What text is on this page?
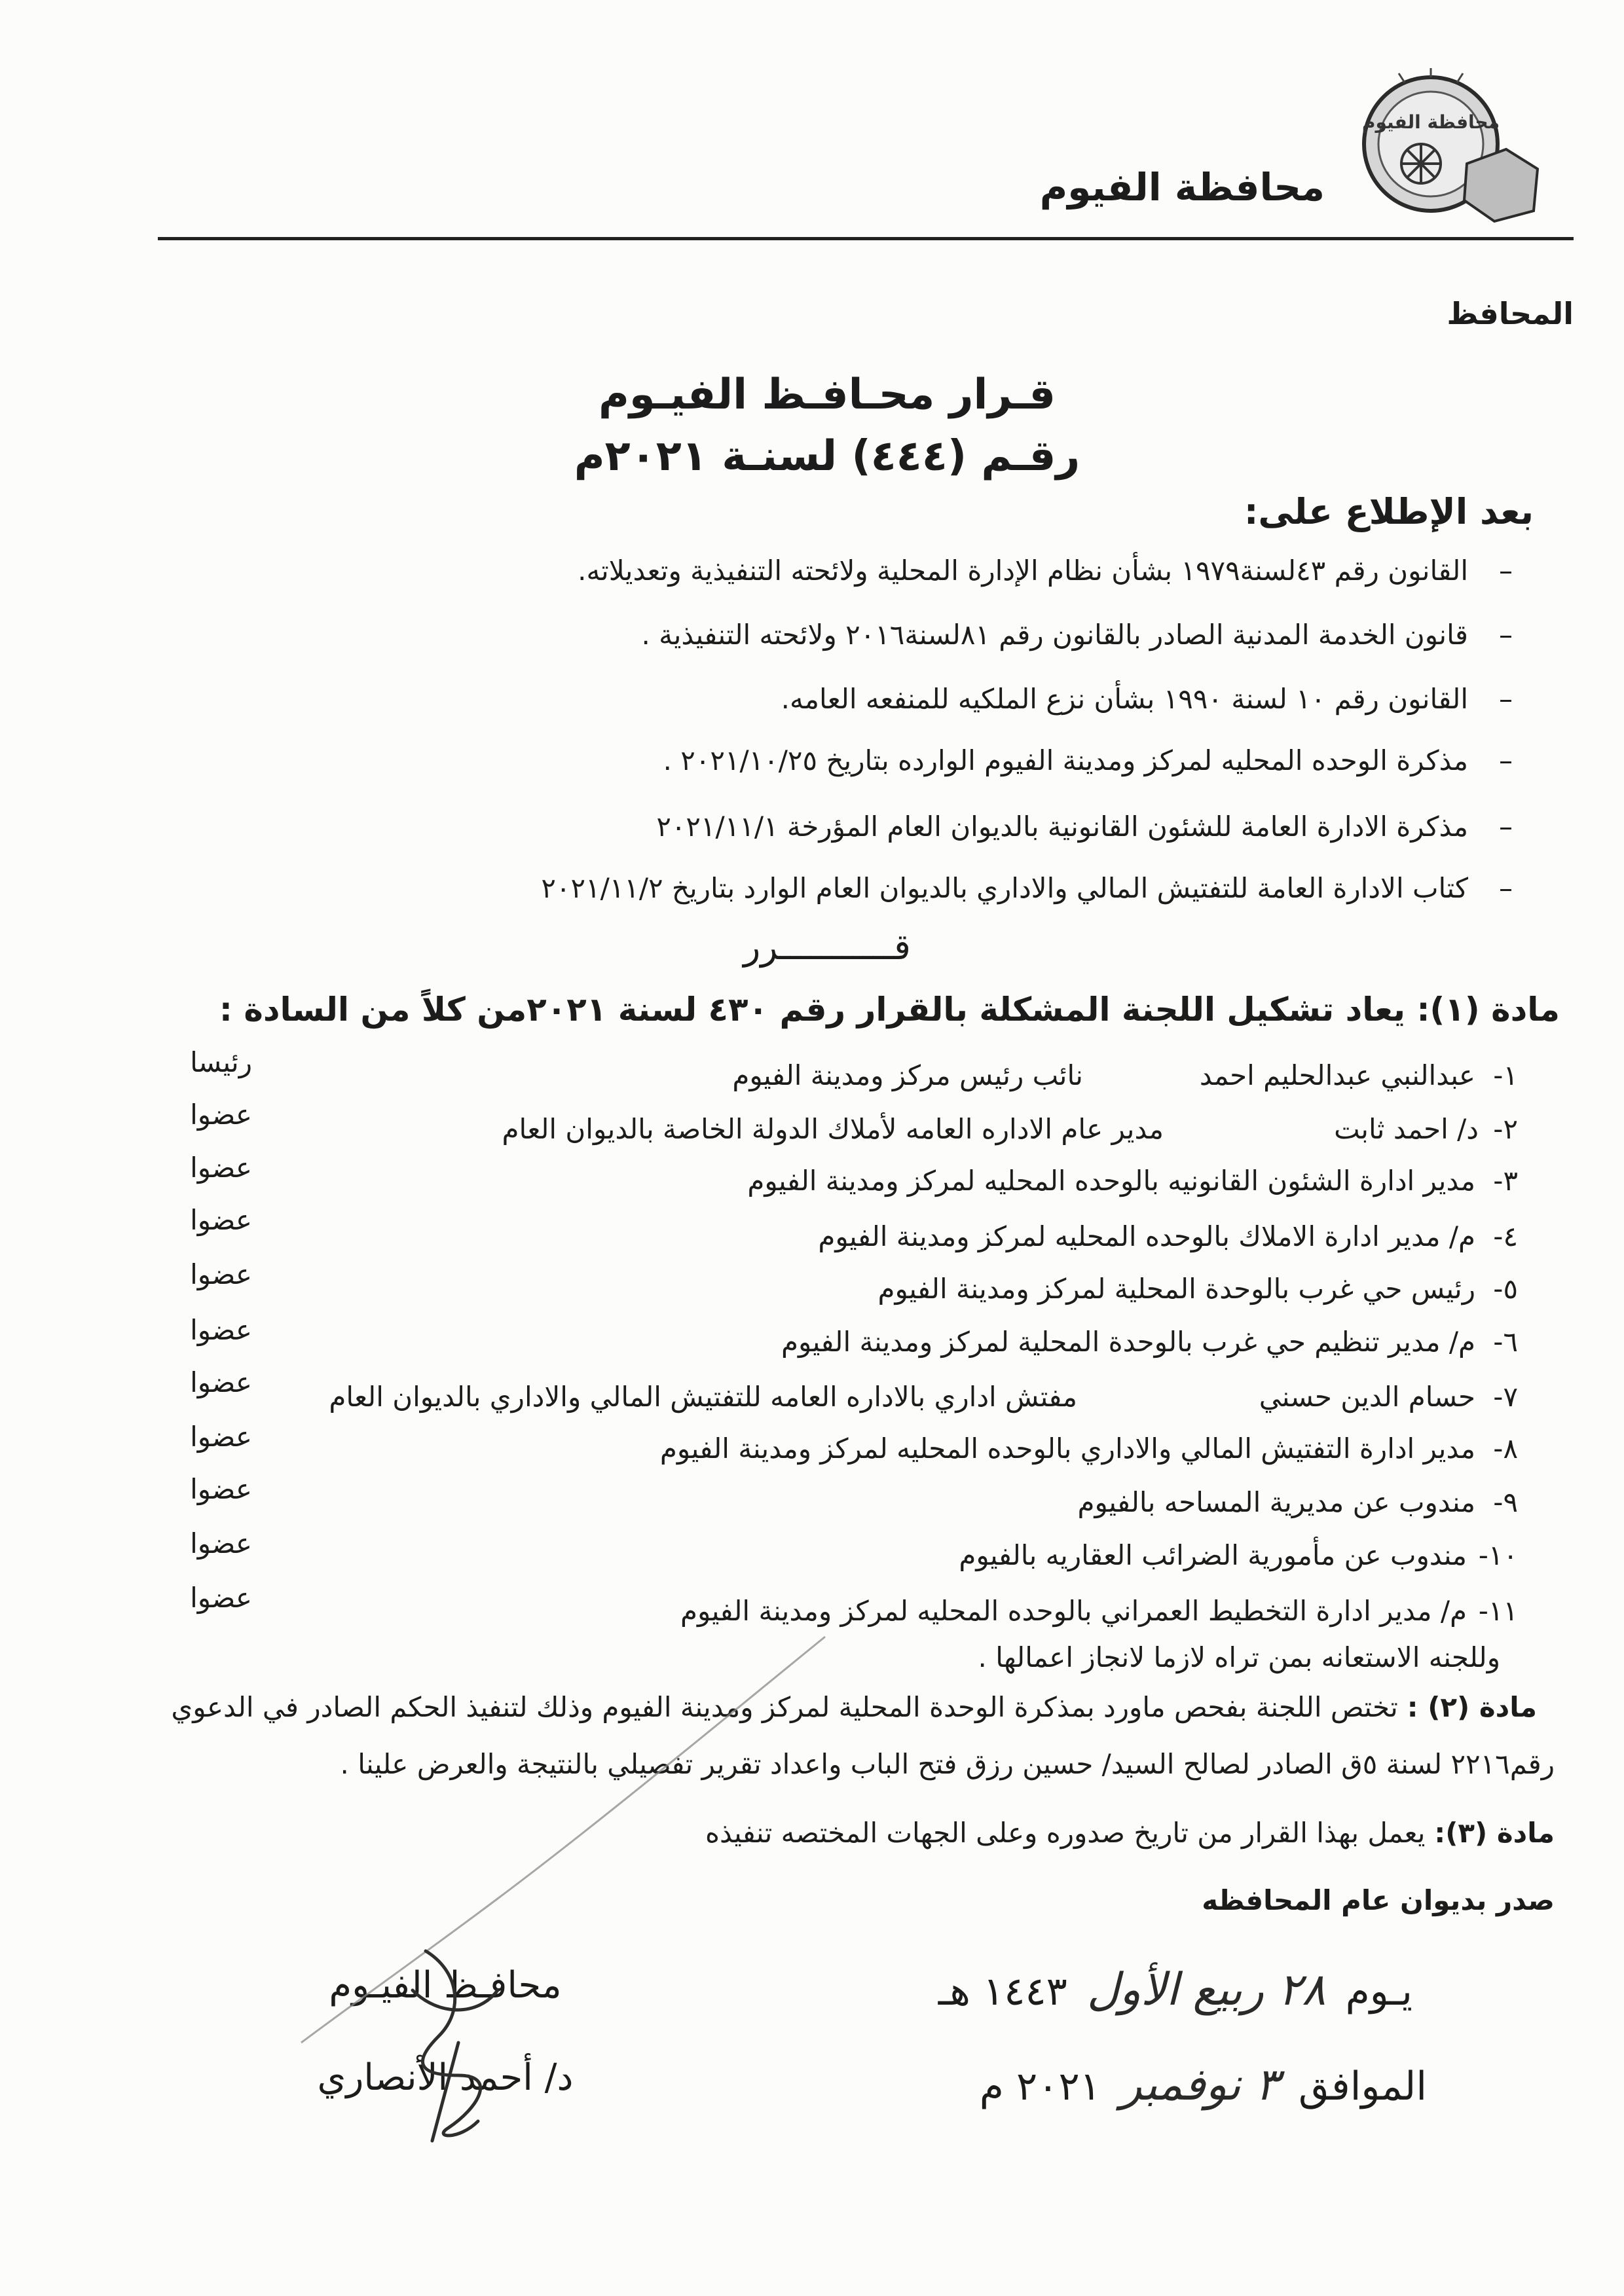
محافظة الفيوم
محافظة الفيوم
المحافظ
قـرار محـافـظ الفيـوم
رقـم (٤٤٤) لسنـة ٢٠٢١م
بعد الإطلاع على:
–
القانون رقم ٤٣لسنة١٩٧٩ بشأن نظام الإدارة المحلية ولائحته التنفيذية وتعديلاته.
–
قانون الخدمة المدنية الصادر بالقانون رقم ٨١لسنة٢٠١٦ ولائحته التنفيذية .
–
القانون رقم ١٠ لسنة ١٩٩٠ بشأن نزع الملكيه للمنفعه العامه.
–
مذكرة الوحده المحليه لمركز ومدينة الفيوم الوارده بتاريخ ٢٠٢١/١٠/٢٥ .
–
مذكرة الادارة العامة للشئون القانونية بالديوان العام المؤرخة ٢٠٢١/١١/١
–
كتاب الادارة العامة للتفتيش المالي والاداري بالديوان العام الوارد بتاريخ ٢٠٢١/١١/٢
قـــــــــــرر
مادة (١): يعاد تشكيل اللجنة المشكلة بالقرار رقم ٤٣٠ لسنة ٢٠٢١من كلاً من السادة :
١-
عبدالنبي عبدالحليم احمد
نائب رئيس مركز ومدينة الفيوم
رئيسا
٢-
د/ احمد ثابت
مدير عام الاداره العامه لأملاك الدولة الخاصة بالديوان العام
عضوا
٣-
مدير ادارة الشئون القانونيه بالوحده المحليه لمركز ومدينة الفيوم
عضوا
٤-
م/ مدير ادارة الاملاك بالوحده المحليه لمركز ومدينة الفيوم
عضوا
٥-
رئيس حي غرب بالوحدة المحلية لمركز ومدينة الفيوم
عضوا
٦-
م/ مدير تنظيم حي غرب بالوحدة المحلية لمركز ومدينة الفيوم
عضوا
٧-
حسام الدين حسني
مفتش اداري بالاداره العامه للتفتيش المالي والاداري بالديوان العام
عضوا
٨-
مدير ادارة التفتيش المالي والاداري بالوحده المحليه لمركز ومدينة الفيوم
عضوا
٩-
مندوب عن مديرية المساحه بالفيوم
عضوا
١٠-
مندوب عن مأمورية الضرائب العقاريه بالفيوم
عضوا
١١-
م/ مدير ادارة التخطيط العمراني بالوحده المحليه لمركز ومدينة الفيوم
عضوا
وللجنه الاستعانه بمن تراه لازما لانجاز اعمالها .
مادة (٢) :تختص اللجنة بفحص ماورد بمذكرة الوحدة المحلية لمركز ومدينة الفيوم وذلك لتنفيذ الحكم الصادر في الدعوي
رقم٢٢١٦ لسنة ٥ق الصادر لصالح السيد/ حسين رزق فتح الباب واعداد تقرير تفصيلي بالنتيجة والعرض علينا .
مادة (٣):يعمل بهذا القرار من تاريخ صدوره وعلى الجهات المختصه تنفيذه
صدر بديوان عام المحافظه
يـوم
٢٨ ربيع الأول
١٤٤٣ هـ
الموافق
٣ نوفمبر
٢٠٢١ م
محافـظ الفيـوم
د/ أحمد الأنصاري
